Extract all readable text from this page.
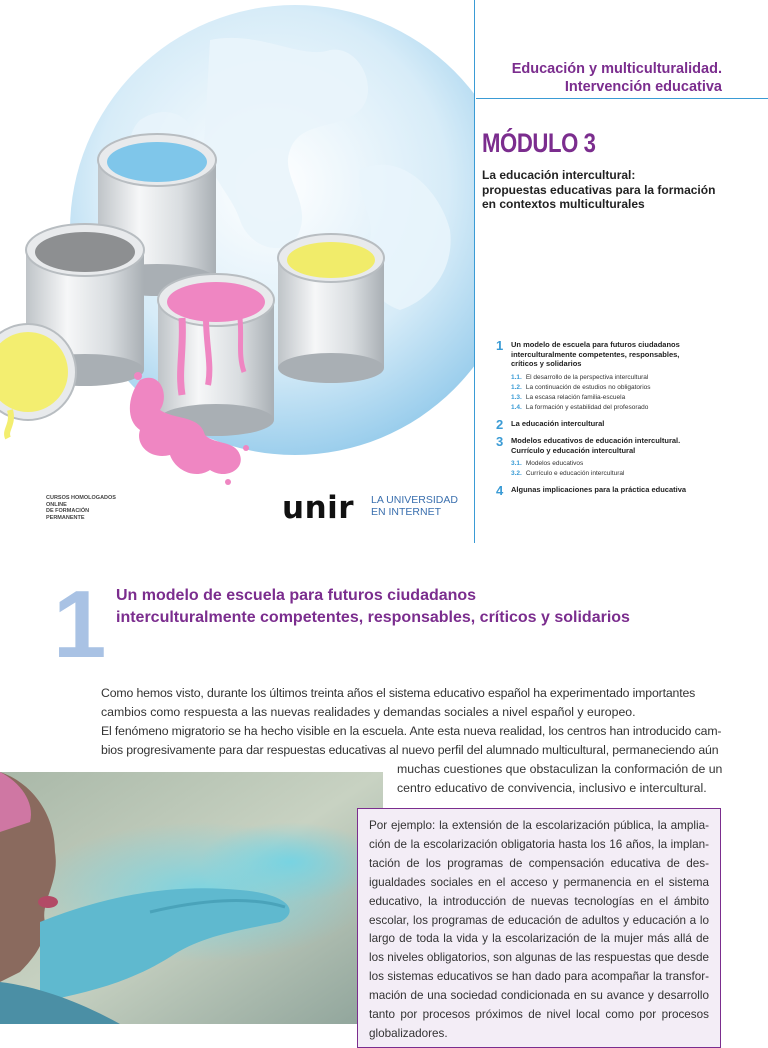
Educación y multiculturalidad.
Intervención educativa
MÓDULO 3
La educación intercultural:
propuestas educativas para la formación
en contextos multiculturales
1 Un modelo de escuela para futuros ciudadanos
interculturalmente competentes, responsables,
críticos y solidarios
1.1. El desarrollo de la perspectiva intercultural
1.2. La continuación de estudios no obligatorios
1.3. La escasa relación familia-escuela
1.4. La formación y estabilidad del profesorado
2 La educación intercultural
3 Modelos educativos de educación intercultural.
Currículo y educación intercultural
3.1. Modelos educativos
3.2. Currículo e educación intercultural
4 Algunas implicaciones para la práctica educativa
CURSOS HOMOLOGADOS
ONLINE
DE FORMACIÓN
PERMANENTE	unir LA UNIVERSIDAD
EN INTERNET
1 Un modelo de escuela para futuros ciudadanos
interculturalmente competentes, responsables, críticos y solidarios
Como hemos visto, durante los últimos treinta años el sistema educativo español ha experimentado importantes
cambios como respuesta a las nuevas realidades y demandas sociales a nivel español y europeo.
El fenómeno migratorio se ha hecho visible en la escuela. Ante esta nueva realidad, los centros han introducido cam-
bios progresivamente para dar respuestas educativas al nuevo perfil del alumnado multicultural, permaneciendo aún
muchas cuestiones que obstaculizan la conformación de un
centro educativo de convivencia, inclusivo e intercultural.

Por ejemplo: la extensión de la escolarización pública, la amplia- ción de la escolarización obligatoria hasta los 16 años, la implan- tación de los programas de compensación educativa de des- igualdades sociales en el acceso y permanencia en el sistema educativo, la introducción de nuevas tecnologías en el ámbito escolar, los programas de educación de adultos y educación a lo largo de toda la vida y la escolarización de la mujer más allá de los niveles obligatorios, son algunas de las respuestas que desde los sistemas educativos se han dado para acompañar la transfor- mación de una sociedad condicionada en su avance y desarrollo tanto por procesos próximos de nivel local como por procesos globalizadores.
